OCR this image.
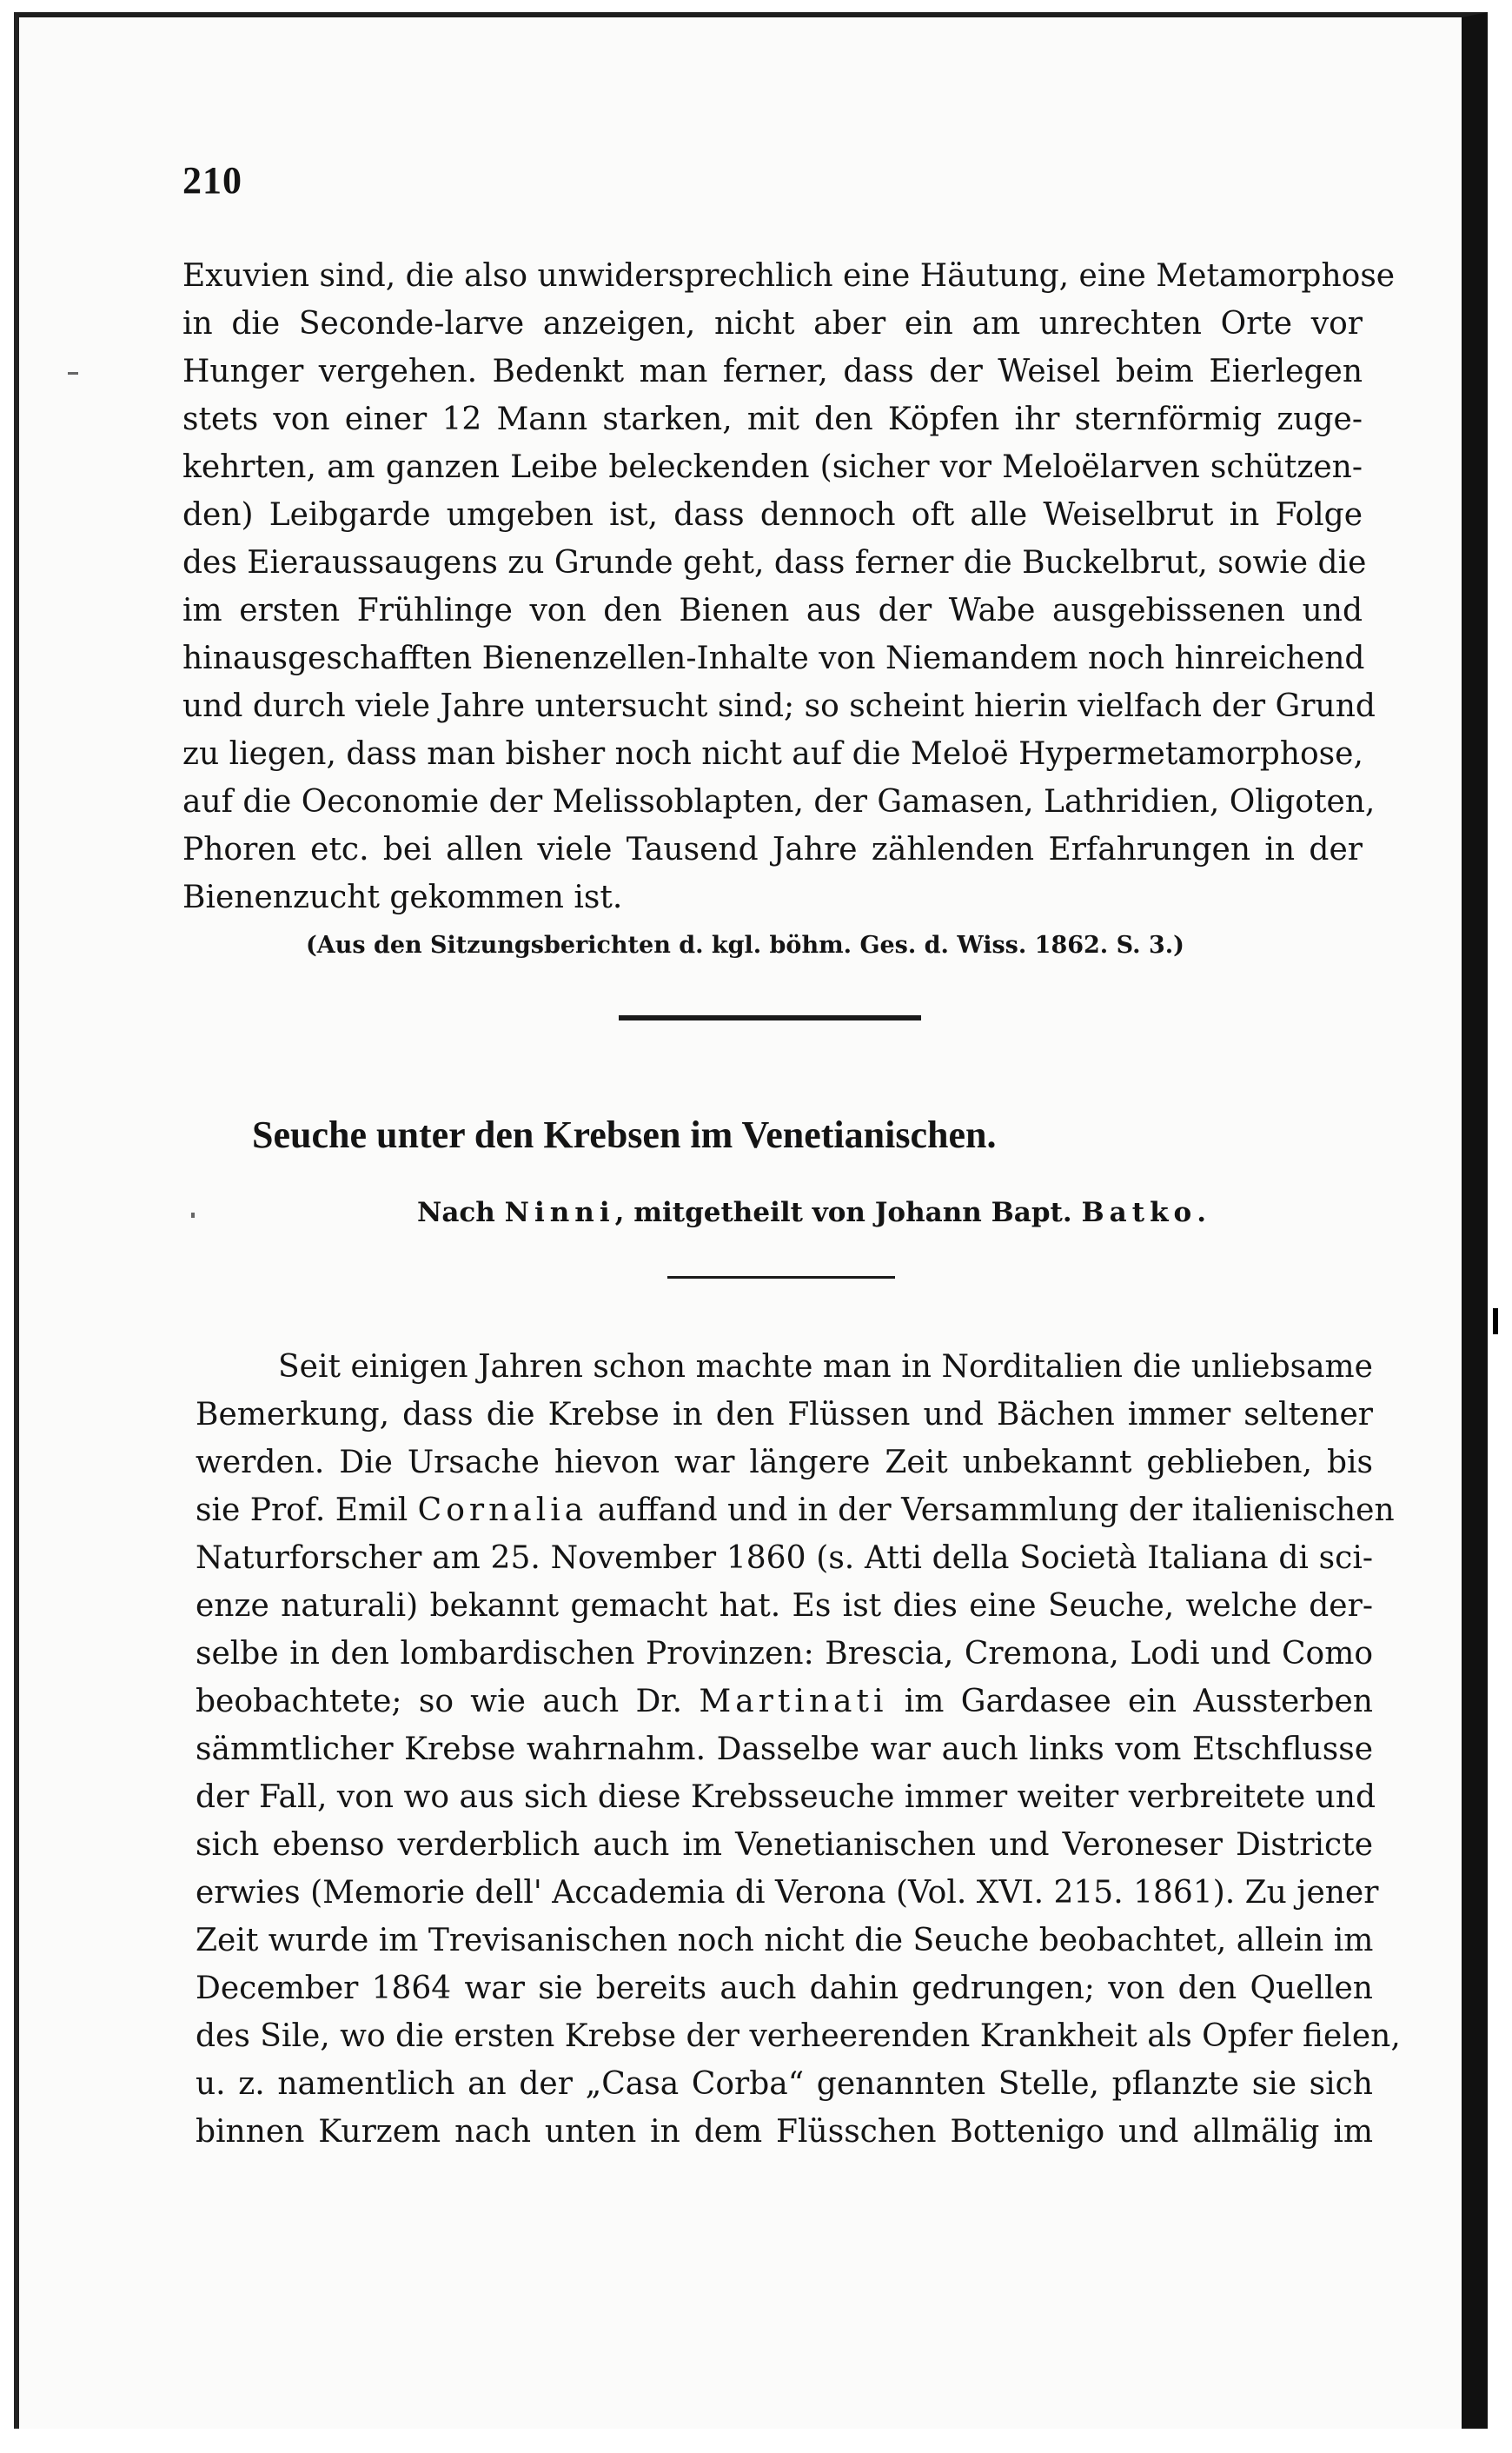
210
Exuvien sind, die also unwidersprechlich eine Häutung, eine Metamorphose
in die Seconde-larve anzeigen, nicht aber ein am unrechten Orte vor
Hunger vergehen. Bedenkt man ferner, dass der Weisel beim Eierlegen
stets von einer 12 Mann starken, mit den Köpfen ihr sternförmig zuge-
kehrten, am ganzen Leibe beleckenden (sicher vor Meloëlarven schützen-
den) Leibgarde umgeben ist, dass dennoch oft alle Weiselbrut in Folge
des Eieraussaugens zu Grunde geht, dass ferner die Buckelbrut, sowie die
im ersten Frühlinge von den Bienen aus der Wabe ausgebissenen und
hinausgeschafften Bienenzellen-Inhalte von Niemandem noch hinreichend
und durch viele Jahre untersucht sind; so scheint hierin vielfach der Grund
zu liegen, dass man bisher noch nicht auf die Meloë Hypermetamorphose,
auf die Oeconomie der Melissoblapten, der Gamasen, Lathridien, Oligoten,
Phoren etc. bei allen viele Tausend Jahre zählenden Erfahrungen in der
Bienenzucht gekommen ist.
(Aus den Sitzungsberichten d. kgl. böhm. Ges. d. Wiss. 1862. S. 3.)
Seuche unter den Krebsen im Venetianischen.
Nach Ninni, mitgetheilt von Johann Bapt. Batko.
Seit einigen Jahren schon machte man in Norditalien die unliebsame
Bemerkung, dass die Krebse in den Flüssen und Bächen immer seltener
werden. Die Ursache hievon war längere Zeit unbekannt geblieben, bis
sie Prof. Emil Cornalia auffand und in der Versammlung der italienischen
Naturforscher am 25. November 1860 (s. Atti della Società Italiana di sci-
enze naturali) bekannt gemacht hat. Es ist dies eine Seuche, welche der-
selbe in den lombardischen Provinzen: Brescia, Cremona, Lodi und Como
beobachtete; so wie auch Dr. Martinati im Gardasee ein Aussterben
sämmtlicher Krebse wahrnahm. Dasselbe war auch links vom Etschflusse
der Fall, von wo aus sich diese Krebsseuche immer weiter verbreitete und
sich ebenso verderblich auch im Venetianischen und Veroneser Districte
erwies (Memorie dell' Accademia di Verona (Vol. XVI. 215. 1861). Zu jener
Zeit wurde im Trevisanischen noch nicht die Seuche beobachtet, allein im
December 1864 war sie bereits auch dahin gedrungen; von den Quellen
des Sile, wo die ersten Krebse der verheerenden Krankheit als Opfer fielen,
u. z. namentlich an der „Casa Corba“ genannten Stelle, pflanzte sie sich
binnen Kurzem nach unten in dem Flüsschen Bottenigo und allmälig im
